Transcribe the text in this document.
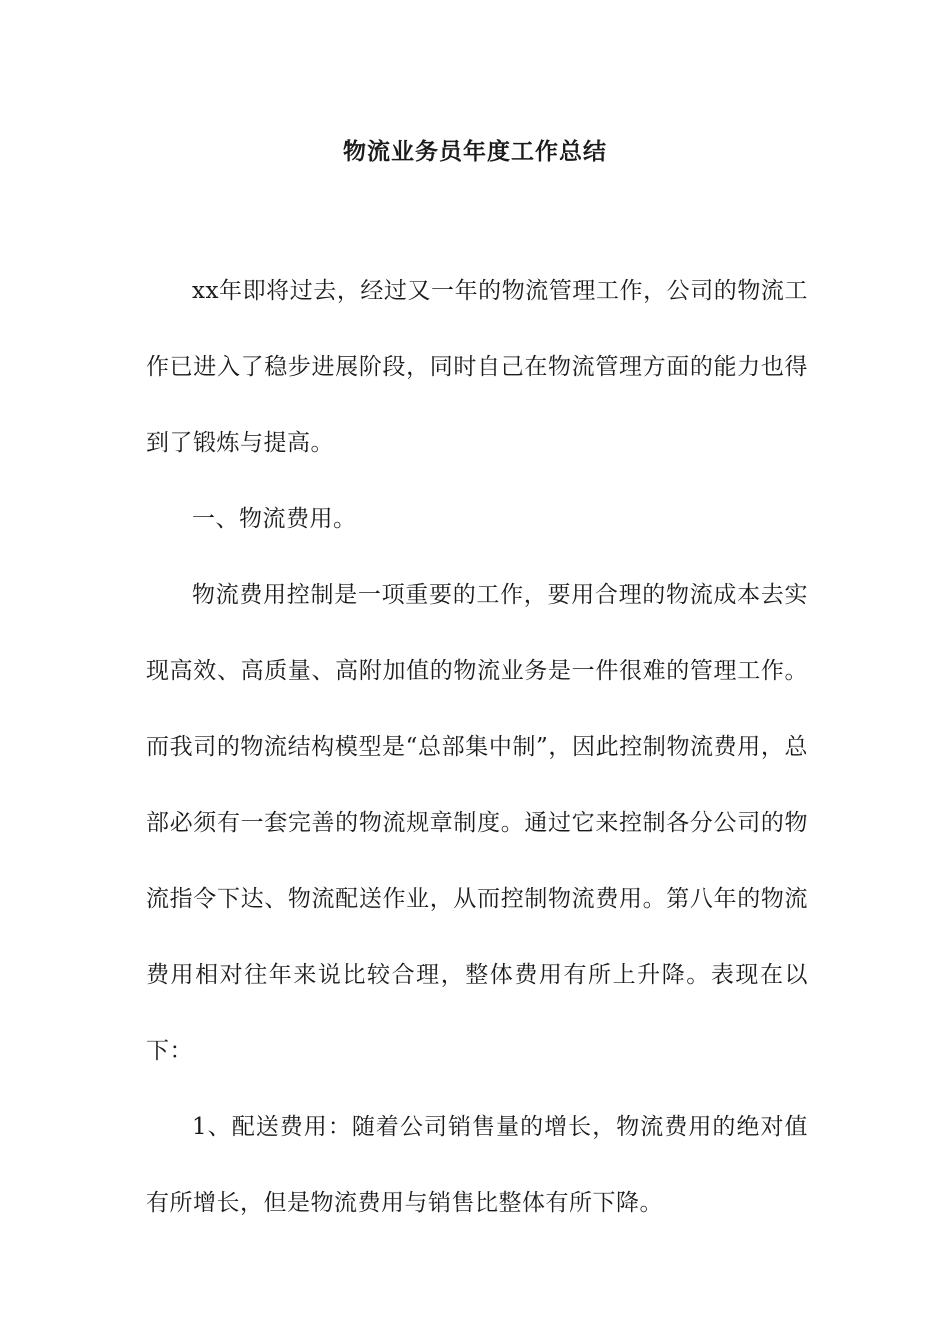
物流业务员年度工作总结

xx年即将过去，经过又一年的物流管理工作，公司的物流工作已进入了稳步进展阶段，同时自己在物流管理方面的能力也得到了锻炼与提高。

一、物流费用。

物流费用控制是一项重要的工作，要用合理的物流成本去实现高效、高质量、高附加值的物流业务是一件很难的管理工作。而我司的物流结构模型是“总部集中制”，因此控制物流费用，总部必须有一套完善的物流规章制度。通过它来控制各分公司的物流指令下达、物流配送作业，从而控制物流费用。第八年的物流费用相对往年来说比较合理，整体费用有所上升降。表现在以下：

1、配送费用：随着公司销售量的增长，物流费用的绝对值有所增长，但是物流费用与销售比整体有所下降。
